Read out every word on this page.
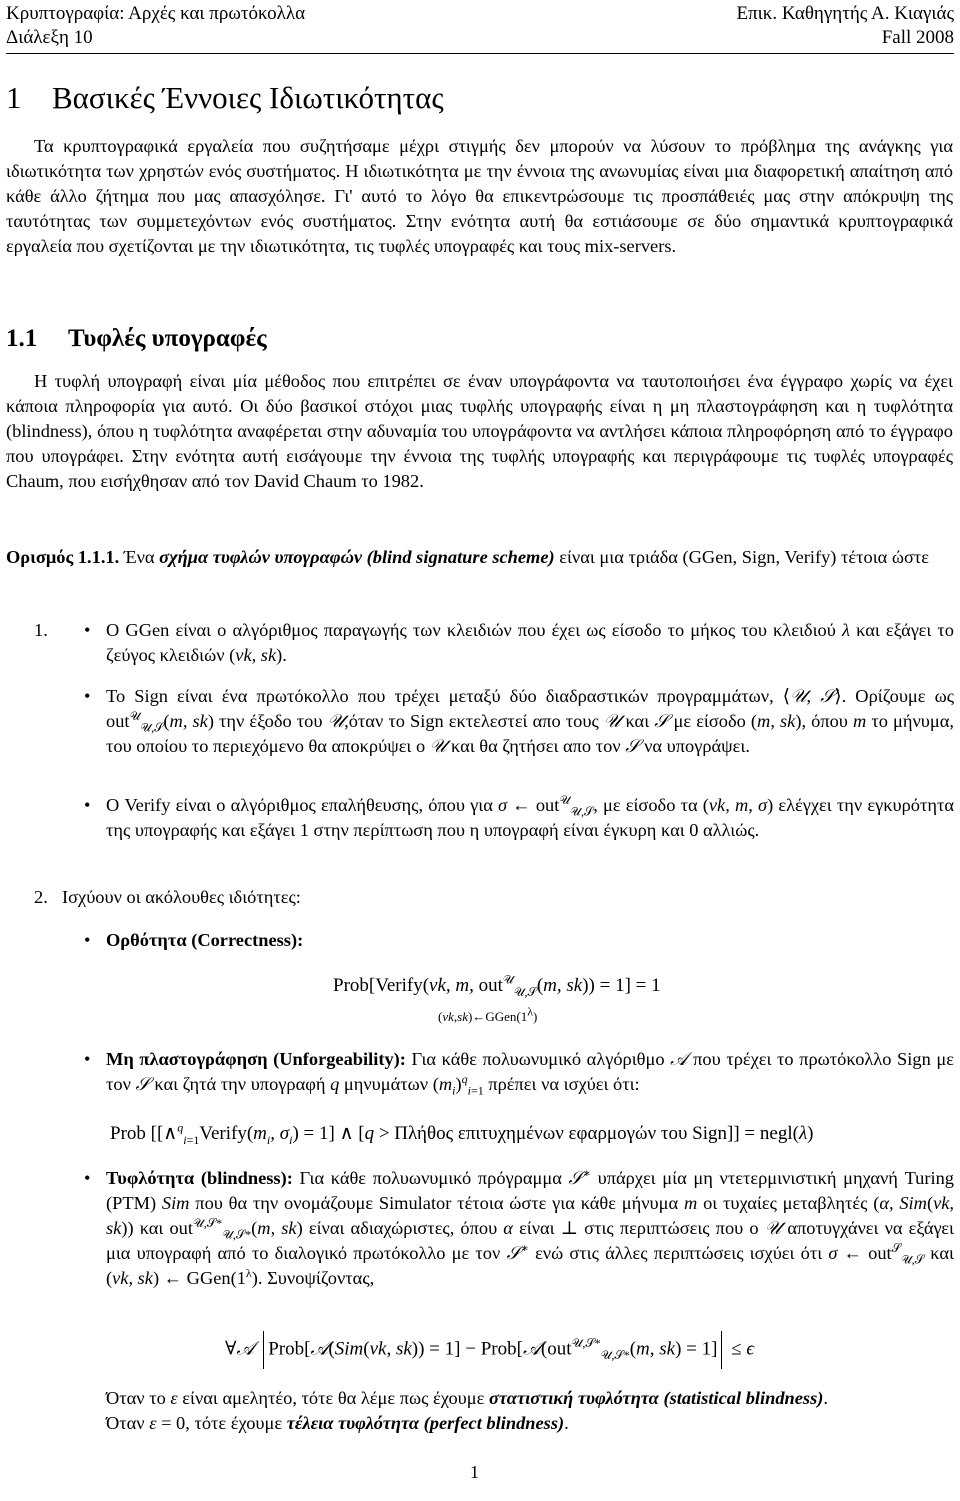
Κρυπτογραφία: Αρχές και πρωτόκολλα	Επικ. Καθηγητής Α. Κιαγιάς
Διάλεξη 10	Fall 2008
1 Βασικές Έννοιες Ιδιωτικότητας
Τα κρυπτογραφικά εργαλεία που συζητήσαμε μέχρι στιγμής δεν μπορούν να λύσουν το πρόβλημα της ανάγκης για ιδιωτικότητα των χρηστών ενός συστήματος. Η ιδιωτικότητα με την έννοια της ανωνυμίας είναι μια διαφορετική απαίτηση από κάθε άλλο ζήτημα που μας απασχόλησε. Γι' αυτό το λόγο θα επικεντρώσουμε τις προσπάθειές μας στην απόκρυψη της ταυτότητας των συμμετεχόντων ενός συστήματος. Στην ενότητα αυτή θα εστιάσουμε σε δύο σημαντικά κρυπτογραφικά εργαλεία που σχετίζονται με την ιδιωτικότητα, τις τυφλές υπογραφές και τους mix-servers.
1.1 Τυφλές υπογραφές
Η τυφλή υπογραφή είναι μία μέθοδος που επιτρέπει σε έναν υπογράφοντα να ταυτοποιήσει ένα έγγραφο χωρίς να έχει κάποια πληροφορία για αυτό. Οι δύο βασικοί στόχοι μιας τυφλής υπογραφής είναι η μη πλαστογράφηση και η τυφλότητα (blindness), όπου η τυφλότητα αναφέρεται στην αδυναμία του υπογράφοντα να αντλήσει κάποια πληροφόρηση από το έγγραφο που υπογράφει. Στην ενότητα αυτή εισάγουμε την έννοια της τυφλής υπογραφής και περιγράφουμε τις τυφλές υπογραφές Chaum, που εισήχθησαν από τον David Chaum το 1982.
Ορισμός 1.1.1. Ένα σχήμα τυφλών υπογραφών (blind signature scheme) είναι μια τριάδα (GGen, Sign, Verify) τέτοια ώστε
1. • Ο GGen είναι ο αλγόριθμος παραγωγής των κλειδιών που έχει ως είσοδο το μήκος του κλειδιού λ και εξάγει το ζεύγος κλειδιών (vk, sk).
• Το Sign είναι ένα πρωτόκολλο που τρέχει μεταξύ δύο διαδραστικών προγραμμάτων, ⟨𝒰, 𝒮⟩. Ορίζουμε ως out$^𝒰_{𝒰,𝒮}$(m, sk) την έξοδο του 𝒰,όταν το Sign εκτελεστεί απο τους 𝒰 και 𝒮 με είσοδο (m, sk), όπου m το μήνυμα, του οποίου το περιεχόμενο θα αποκρύψει ο 𝒰 και θα ζητήσει απο τον 𝒮 να υπογράψει.
• Ο Verify είναι ο αλγόριθμος επαλήθευσης, όπου για σ ← out$^𝒰_{𝒰,𝒮}$, με είσοδο τα (vk, m, σ) ελέγχει την εγκυρότητα της υπογραφής και εξάγει 1 στην περίπτωση που η υπογραφή είναι έγκυρη και 0 αλλιώς.
2. Ισχύουν οι ακόλουθες ιδιότητες:
• Ορθότητα (Correctness):
Prob[Verify(vk, m, out$^𝒰_{𝒰,𝒮}$(m, sk)) = 1] = 1
$(vk,sk)\leftarrow GGen(1^\lambda)$
• Μη πλαστογράφηση (Unforgeability): Για κάθε πολυωνυμικό αλγόριθμο 𝒜 που τρέχει το πρωτόκολλο Sign με τον 𝒮 και ζητά την υπογραφή q μηνυμάτων $(m_i)^q_{i=1}$ πρέπει να ισχύει ότι:
Prob [[$\wedge^q_{i=1}Verify(m_i$, $\sigma_i) = 1$] ∧ [q > Πλήθος επιτυχημένων εφαρμογών του Sign]] = negl(λ)
• Τυφλότητα (blindness): Για κάθε πολυωνυμικό πρόγραμμα 𝒮∗ υπάρχει μία μη ντετερμινιστική μηχανή Turing (PTM) Sim που θα την ονομάζουμε Simulator τέτοια ώστε για κάθε μήνυμα m οι τυχαίες μεταβλητές (α, Sim(vk, sk)) και out$^{𝒰,𝒮*}_{𝒰,𝒮*}$(m, sk) είναι αδιαχώριστες, όπου α είναι ⊥ στις περιπτώσεις που ο 𝒰 αποτυγχάνει να εξάγει μια υπογραφή από το διαλογικό πρωτόκολλο με τον 𝒮∗ ενώ στις άλλες περιπτώσεις ισχύει ότι σ ← out$^𝒮_{𝒰,𝒮}$ και (vk, sk) ← $GGen(1^\lambda)$. Συνοψίζοντας,
∀𝒜 Prob[𝒜(Sim(vk, sk)) = 1] − Prob[𝒜(out$^{𝒰,𝒮*}_{𝒰,𝒮*}$(m, sk) = 1] ≤ ϵ
Όταν το ε είναι αμελητέο, τότε θα λέμε πως έχουμε στατιστική τυφλότητα (statistical blindness).
Όταν ε = 0, τότε έχουμε τέλεια τυφλότητα (perfect blindness).
1
